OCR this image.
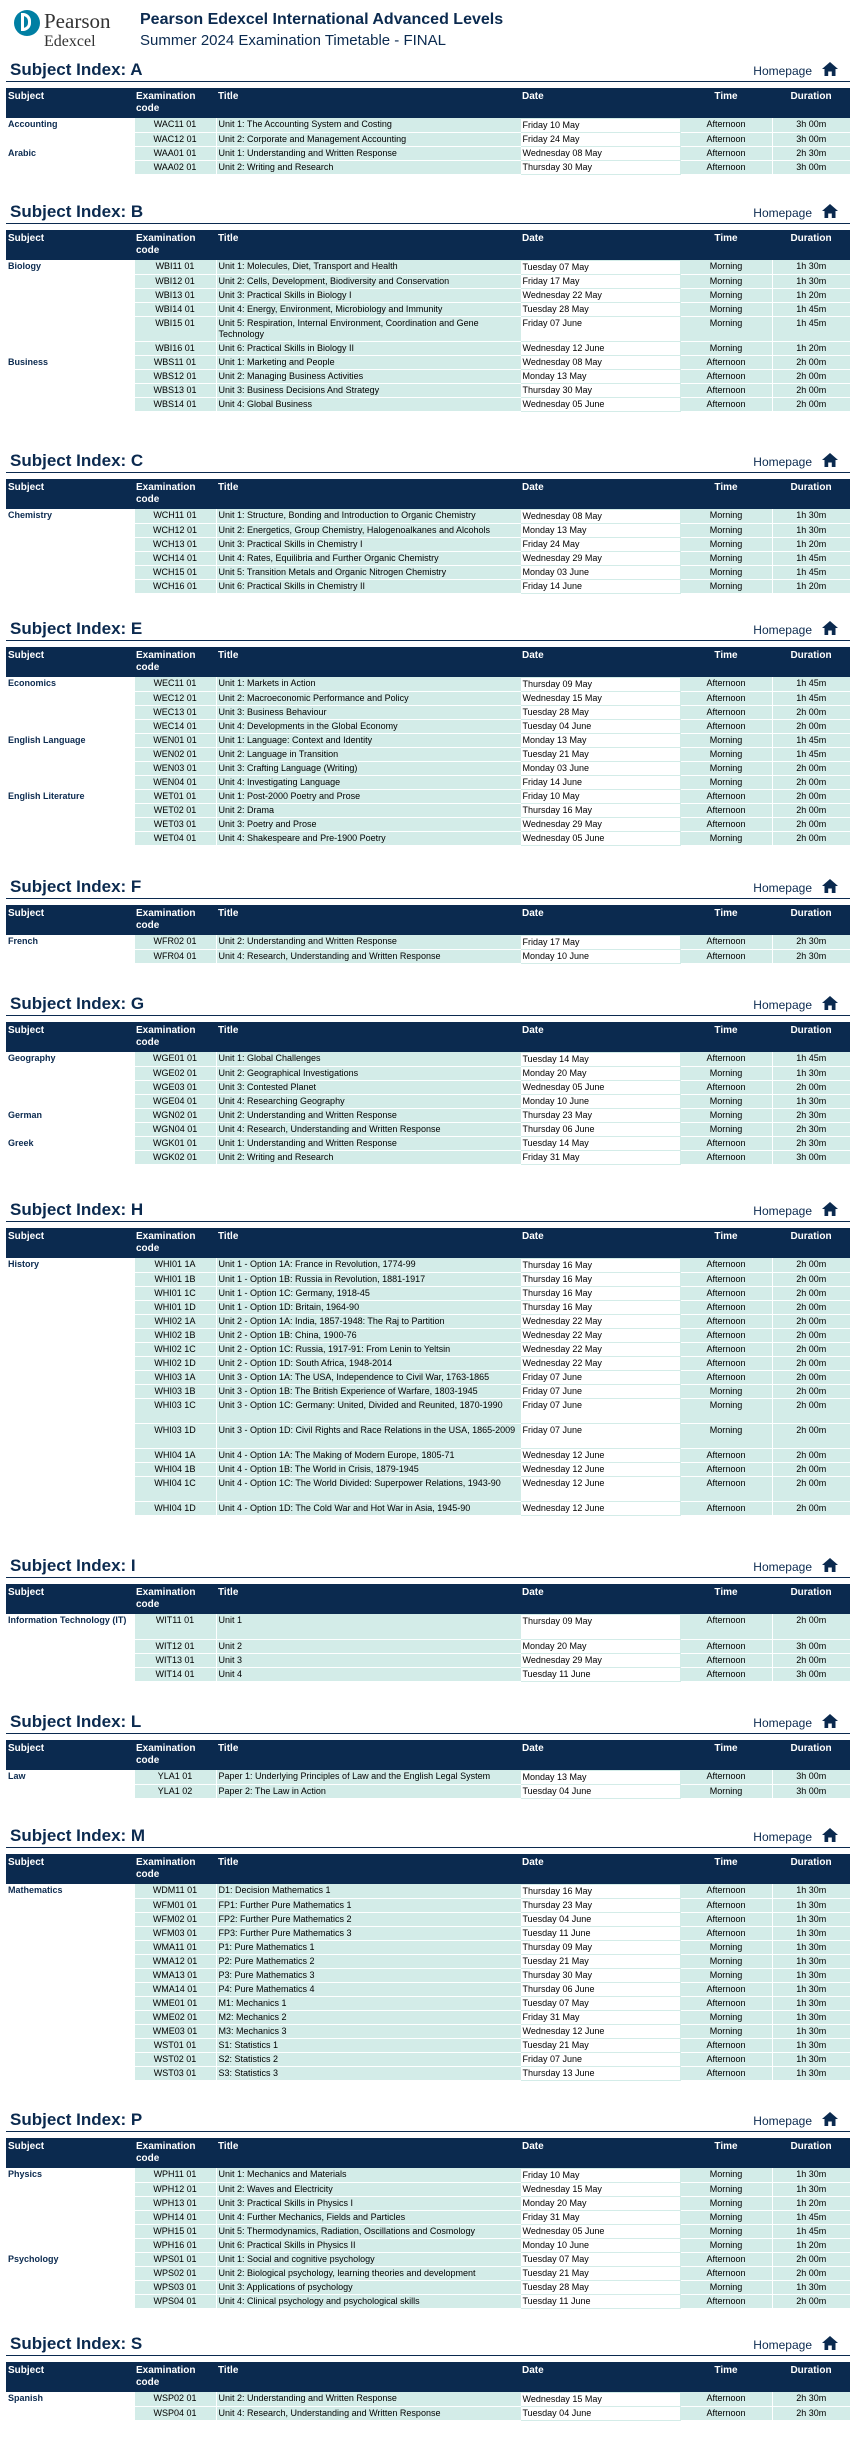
Pearson
Edexcel
Pearson Edexcel International Advanced Levels
Summer 2024 Examination Timetable - FINAL
Subject Index: A	Homepage
Subject	Examination code	Title	Date	Time	Duration
Accounting	WAC11 01	Unit 1: The Accounting System and Costing	Friday 10 May	Afternoon	3h 00m
	WAC12 01	Unit 2: Corporate and Management Accounting	Friday 24 May	Afternoon	3h 00m
Arabic	WAA01 01	Unit 1: Understanding and Written Response	Wednesday 08 May	Afternoon	2h 30m
	WAA02 01	Unit 2: Writing and Research	Thursday 30 May	Afternoon	3h 00m
Subject Index: B	Homepage
Subject	Examination code	Title	Date	Time	Duration
Biology	WBI11 01	Unit 1: Molecules, Diet, Transport and Health	Tuesday 07 May	Morning	1h 30m
	WBI12 01	Unit 2: Cells, Development, Biodiversity and Conservation	Friday 17 May	Morning	1h 30m
	WBI13 01	Unit 3: Practical Skills in Biology I	Wednesday 22 May	Morning	1h 20m
	WBI14 01	Unit 4: Energy, Environment, Microbiology and Immunity	Tuesday 28 May	Morning	1h 45m
	WBI15 01	Unit 5: Respiration, Internal Environment, Coordination and Gene Technology	Friday 07 June	Morning	1h 45m
	WBI16 01	Unit 6: Practical Skills in Biology II	Wednesday 12 June	Morning	1h 20m
Business	WBS11 01	Unit 1: Marketing and People	Wednesday 08 May	Afternoon	2h 00m
	WBS12 01	Unit 2: Managing Business Activities	Monday 13 May	Afternoon	2h 00m
	WBS13 01	Unit 3: Business Decisions And Strategy	Thursday 30 May	Afternoon	2h 00m
	WBS14 01	Unit 4: Global Business	Wednesday 05 June	Afternoon	2h 00m
Subject Index: C	Homepage
Subject	Examination code	Title	Date	Time	Duration
Chemistry	WCH11 01	Unit 1: Structure, Bonding and Introduction to Organic Chemistry	Wednesday 08 May	Morning	1h 30m
	WCH12 01	Unit 2: Energetics, Group Chemistry, Halogenoalkanes and Alcohols	Monday 13 May	Morning	1h 30m
	WCH13 01	Unit 3: Practical Skills in Chemistry I	Friday 24 May	Morning	1h 20m
	WCH14 01	Unit 4: Rates, Equilibria and Further Organic Chemistry	Wednesday 29 May	Morning	1h 45m
	WCH15 01	Unit 5: Transition Metals and Organic Nitrogen Chemistry	Monday 03 June	Morning	1h 45m
	WCH16 01	Unit 6: Practical Skills in Chemistry II	Friday 14 June	Morning	1h 20m
Subject Index: E	Homepage
Subject	Examination code	Title	Date	Time	Duration
Economics	WEC11 01	Unit 1: Markets in Action	Thursday 09 May	Afternoon	1h 45m
	WEC12 01	Unit 2: Macroeconomic Performance and Policy	Wednesday 15 May	Afternoon	1h 45m
	WEC13 01	Unit 3: Business Behaviour	Tuesday 28 May	Afternoon	2h 00m
	WEC14 01	Unit 4: Developments in the Global Economy	Tuesday 04 June	Afternoon	2h 00m
English Language	WEN01 01	Unit 1: Language: Context and Identity	Monday 13 May	Morning	1h 45m
	WEN02 01	Unit 2: Language in Transition	Tuesday 21 May	Morning	1h 45m
	WEN03 01	Unit 3: Crafting Language (Writing)	Monday 03 June	Morning	2h 00m
	WEN04 01	Unit 4: Investigating Language	Friday 14 June	Morning	2h 00m
English Literature	WET01 01	Unit 1: Post-2000 Poetry and Prose	Friday 10 May	Afternoon	2h 00m
	WET02 01	Unit 2: Drama	Thursday 16 May	Afternoon	2h 00m
	WET03 01	Unit 3: Poetry and Prose	Wednesday 29 May	Afternoon	2h 00m
	WET04 01	Unit 4: Shakespeare and Pre-1900 Poetry	Wednesday 05 June	Morning	2h 00m
Subject Index: F	Homepage
Subject	Examination code	Title	Date	Time	Duration
French	WFR02 01	Unit 2: Understanding and Written Response	Friday 17 May	Afternoon	2h 30m
	WFR04 01	Unit 4: Research, Understanding and Written Response	Monday 10 June	Afternoon	2h 30m
Subject Index: G	Homepage
Subject	Examination code	Title	Date	Time	Duration
Geography	WGE01 01	Unit 1: Global Challenges	Tuesday 14 May	Afternoon	1h 45m
	WGE02 01	Unit 2: Geographical Investigations	Monday 20 May	Morning	1h 30m
	WGE03 01	Unit 3: Contested Planet	Wednesday 05 June	Afternoon	2h 00m
	WGE04 01	Unit 4: Researching Geography	Monday 10 June	Morning	1h 30m
German	WGN02 01	Unit 2: Understanding and Written Response	Thursday 23 May	Morning	2h 30m
	WGN04 01	Unit 4: Research, Understanding and Written Response	Thursday 06 June	Morning	2h 30m
Greek	WGK01 01	Unit 1: Understanding and Written Response	Tuesday 14 May	Afternoon	2h 30m
	WGK02 01	Unit 2: Writing and Research	Friday 31 May	Afternoon	3h 00m
Subject Index: H	Homepage
Subject	Examination code	Title	Date	Time	Duration
History	WHI01 1A	Unit 1 - Option 1A: France in Revolution, 1774-99	Thursday 16 May	Afternoon	2h 00m
	WHI01 1B	Unit 1 - Option 1B: Russia in Revolution, 1881-1917	Thursday 16 May	Afternoon	2h 00m
	WHI01 1C	Unit 1 - Option 1C: Germany, 1918-45	Thursday 16 May	Afternoon	2h 00m
	WHI01 1D	Unit 1 - Option 1D: Britain, 1964-90	Thursday 16 May	Afternoon	2h 00m
	WHI02 1A	Unit 2 - Option 1A: India, 1857-1948: The Raj to Partition	Wednesday 22 May	Afternoon	2h 00m
	WHI02 1B	Unit 2 - Option 1B: China, 1900-76	Wednesday 22 May	Afternoon	2h 00m
	WHI02 1C	Unit 2 - Option 1C: Russia, 1917-91: From Lenin to Yeltsin	Wednesday 22 May	Afternoon	2h 00m
	WHI02 1D	Unit 2 - Option 1D: South Africa, 1948-2014	Wednesday 22 May	Afternoon	2h 00m
	WHI03 1A	Unit 3 - Option 1A: The USA, Independence to Civil War, 1763-1865	Friday 07 June	Afternoon	2h 00m
	WHI03 1B	Unit 3 - Option 1B: The British Experience of Warfare, 1803-1945	Friday 07 June	Morning	2h 00m
	WHI03 1C	Unit 3 - Option 1C: Germany: United, Divided and Reunited, 1870-1990	Friday 07 June	Morning	2h 00m
	WHI03 1D	Unit 3 - Option 1D: Civil Rights and Race Relations in the USA, 1865-2009	Friday 07 June	Morning	2h 00m
	WHI04 1A	Unit 4 - Option 1A: The Making of Modern Europe, 1805-71	Wednesday 12 June	Afternoon	2h 00m
	WHI04 1B	Unit 4 - Option 1B: The World in Crisis, 1879-1945	Wednesday 12 June	Afternoon	2h 00m
	WHI04 1C	Unit 4 - Option 1C: The World Divided: Superpower Relations, 1943-90	Wednesday 12 June	Afternoon	2h 00m
	WHI04 1D	Unit 4 - Option 1D: The Cold War and Hot War in Asia, 1945-90	Wednesday 12 June	Afternoon	2h 00m
Subject Index: I	Homepage
Subject	Examination code	Title	Date	Time	Duration
Information Technology (IT)	WIT11 01	Unit 1	Thursday 09 May	Afternoon	2h 00m
	WIT12 01	Unit 2	Monday 20 May	Afternoon	3h 00m
	WIT13 01	Unit 3	Wednesday 29 May	Afternoon	2h 00m
	WIT14 01	Unit 4	Tuesday 11 June	Afternoon	3h 00m
Subject Index: L	Homepage
Subject	Examination code	Title	Date	Time	Duration
Law	YLA1 01	Paper 1: Underlying Principles of Law and the English Legal System	Monday 13 May	Afternoon	3h 00m
	YLA1 02	Paper 2: The Law in Action	Tuesday 04 June	Morning	3h 00m
Subject Index: M	Homepage
Subject	Examination code	Title	Date	Time	Duration
Mathematics	WDM11 01	D1: Decision Mathematics 1	Thursday 16 May	Afternoon	1h 30m
	WFM01 01	FP1: Further Pure Mathematics 1	Thursday 23 May	Afternoon	1h 30m
	WFM02 01	FP2: Further Pure Mathematics 2	Tuesday 04 June	Afternoon	1h 30m
	WFM03 01	FP3: Further Pure Mathematics 3	Tuesday 11 June	Afternoon	1h 30m
	WMA11 01	P1: Pure Mathematics 1	Thursday 09 May	Morning	1h 30m
	WMA12 01	P2: Pure Mathematics 2	Tuesday 21 May	Morning	1h 30m
	WMA13 01	P3: Pure Mathematics 3	Thursday 30 May	Morning	1h 30m
	WMA14 01	P4: Pure Mathematics 4	Thursday 06 June	Afternoon	1h 30m
	WME01 01	M1: Mechanics 1	Tuesday 07 May	Afternoon	1h 30m
	WME02 01	M2: Mechanics 2	Friday 31 May	Morning	1h 30m
	WME03 01	M3: Mechanics 3	Wednesday 12 June	Morning	1h 30m
	WST01 01	S1: Statistics 1	Tuesday 21 May	Afternoon	1h 30m
	WST02 01	S2: Statistics 2	Friday 07 June	Afternoon	1h 30m
	WST03 01	S3: Statistics 3	Thursday 13 June	Afternoon	1h 30m
Subject Index: P	Homepage
Subject	Examination code	Title	Date	Time	Duration
Physics	WPH11 01	Unit 1: Mechanics and Materials	Friday 10 May	Morning	1h 30m
	WPH12 01	Unit 2: Waves and Electricity	Wednesday 15 May	Morning	1h 30m
	WPH13 01	Unit 3: Practical Skills in Physics I	Monday 20 May	Morning	1h 20m
	WPH14 01	Unit 4: Further Mechanics, Fields and Particles	Friday 31 May	Morning	1h 45m
	WPH15 01	Unit 5: Thermodynamics, Radiation, Oscillations and Cosmology	Wednesday 05 June	Morning	1h 45m
	WPH16 01	Unit 6: Practical Skills in Physics II	Monday 10 June	Morning	1h 20m
Psychology	WPS01 01	Unit 1: Social and cognitive psychology	Tuesday 07 May	Afternoon	2h 00m
	WPS02 01	Unit 2: Biological psychology, learning theories and development	Tuesday 21 May	Afternoon	2h 00m
	WPS03 01	Unit 3: Applications of psychology	Tuesday 28 May	Morning	1h 30m
	WPS04 01	Unit 4: Clinical psychology and psychological skills	Tuesday 11 June	Afternoon	2h 00m
Subject Index: S	Homepage
Subject	Examination code	Title	Date	Time	Duration
Spanish	WSP02 01	Unit 2: Understanding and Written Response	Wednesday 15 May	Afternoon	2h 30m
	WSP04 01	Unit 4: Research, Understanding and Written Response	Tuesday 04 June	Afternoon	2h 30m
